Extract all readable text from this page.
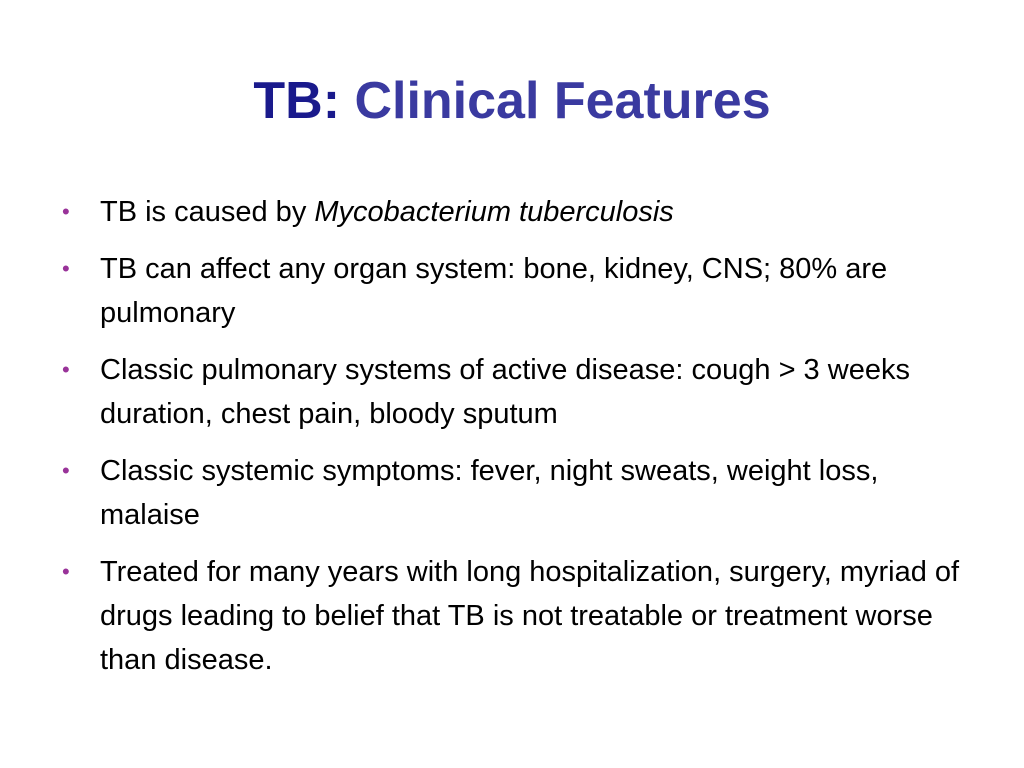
TB: Clinical Features
•	TB is caused by Mycobacterium tuberculosis
•	TB can affect any organ system: bone, kidney, CNS; 80% are pulmonary
•	Classic pulmonary systems of active disease: cough > 3 weeks duration, chest pain, bloody sputum
•	Classic systemic symptoms: fever, night sweats, weight loss, malaise
•	Treated for many years with long hospitalization, surgery, myriad of drugs leading to belief that TB is not treatable or treatment worse than disease.
